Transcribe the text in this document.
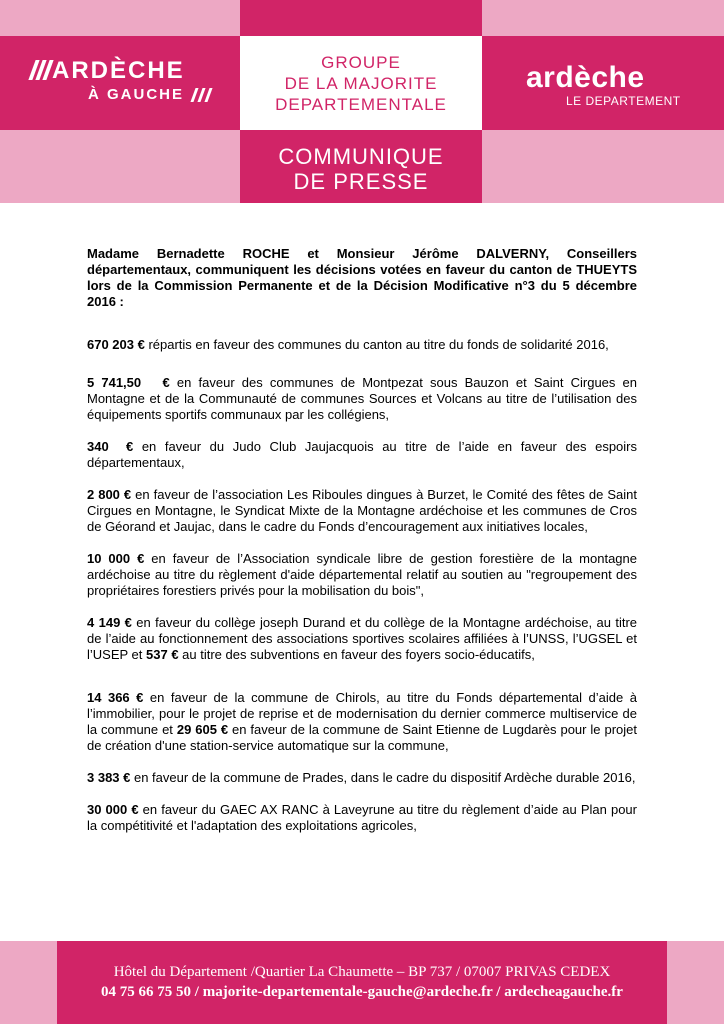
ARDÈCHE
À GAUCHE
GROUPE
DE LA MAJORITE
DEPARTEMENTALE
COMMUNIQUE
DE PRESSE
ardèche
LE DEPARTEMENT

Madame Bernadette ROCHE et Monsieur Jérôme DALVERNY, Conseillers départementaux, communiquent les décisions votées en faveur du canton de THUEYTS lors de la Commission Permanente et de la Décision Modificative n°3 du 5 décembre 2016 :

670 203 € répartis en faveur des communes du canton au titre du fonds de solidarité 2016,

5 741,50   € en faveur des communes de Montpezat sous Bauzon et Saint Cirgues en Montagne et de la Communauté de communes Sources et Volcans au titre de l’utilisation des équipements sportifs communaux par les collégiens,

340  € en faveur du Judo Club Jaujacquois au titre de l’aide en faveur des espoirs départementaux,

2 800 € en faveur de l’association Les Riboules dingues à Burzet, le Comité des fêtes de Saint Cirgues en Montagne, le Syndicat Mixte de la Montagne ardéchoise et les communes de Cros de Géorand et Jaujac, dans le cadre du Fonds d’encouragement aux initiatives locales,

10 000 € en faveur de l’Association syndicale libre de gestion forestière de la montagne ardéchoise au titre du règlement d'aide départemental relatif au soutien au "regroupement des propriétaires forestiers privés pour la mobilisation du bois",

4 149 € en faveur du collège joseph Durand et du collège de la Montagne ardéchoise, au titre de l’aide au fonctionnement des associations sportives scolaires affiliées à l’UNSS, l’UGSEL et l’USEP et 537 € au titre des subventions en faveur des foyers socio-éducatifs,

14 366 € en faveur de la commune de Chirols, au titre du Fonds départemental d’aide à l’immobilier, pour le projet de reprise et de modernisation du dernier commerce multiservice de la commune et 29 605 € en faveur de la commune de Saint Etienne de Lugdarès pour le projet de création d'une station-service automatique sur la commune,

3 383 € en faveur de la commune de Prades, dans le cadre du dispositif Ardèche durable 2016,

30 000 € en faveur du GAEC AX RANC à Laveyrune au titre du règlement d’aide au Plan pour la compétitivité et l'adaptation des exploitations agricoles,

Hôtel du Département /Quartier La Chaumette – BP 737 / 07007 PRIVAS CEDEX
04 75 66 75 50 / majorite-departementale-gauche@ardeche.fr / ardecheagauche.fr
